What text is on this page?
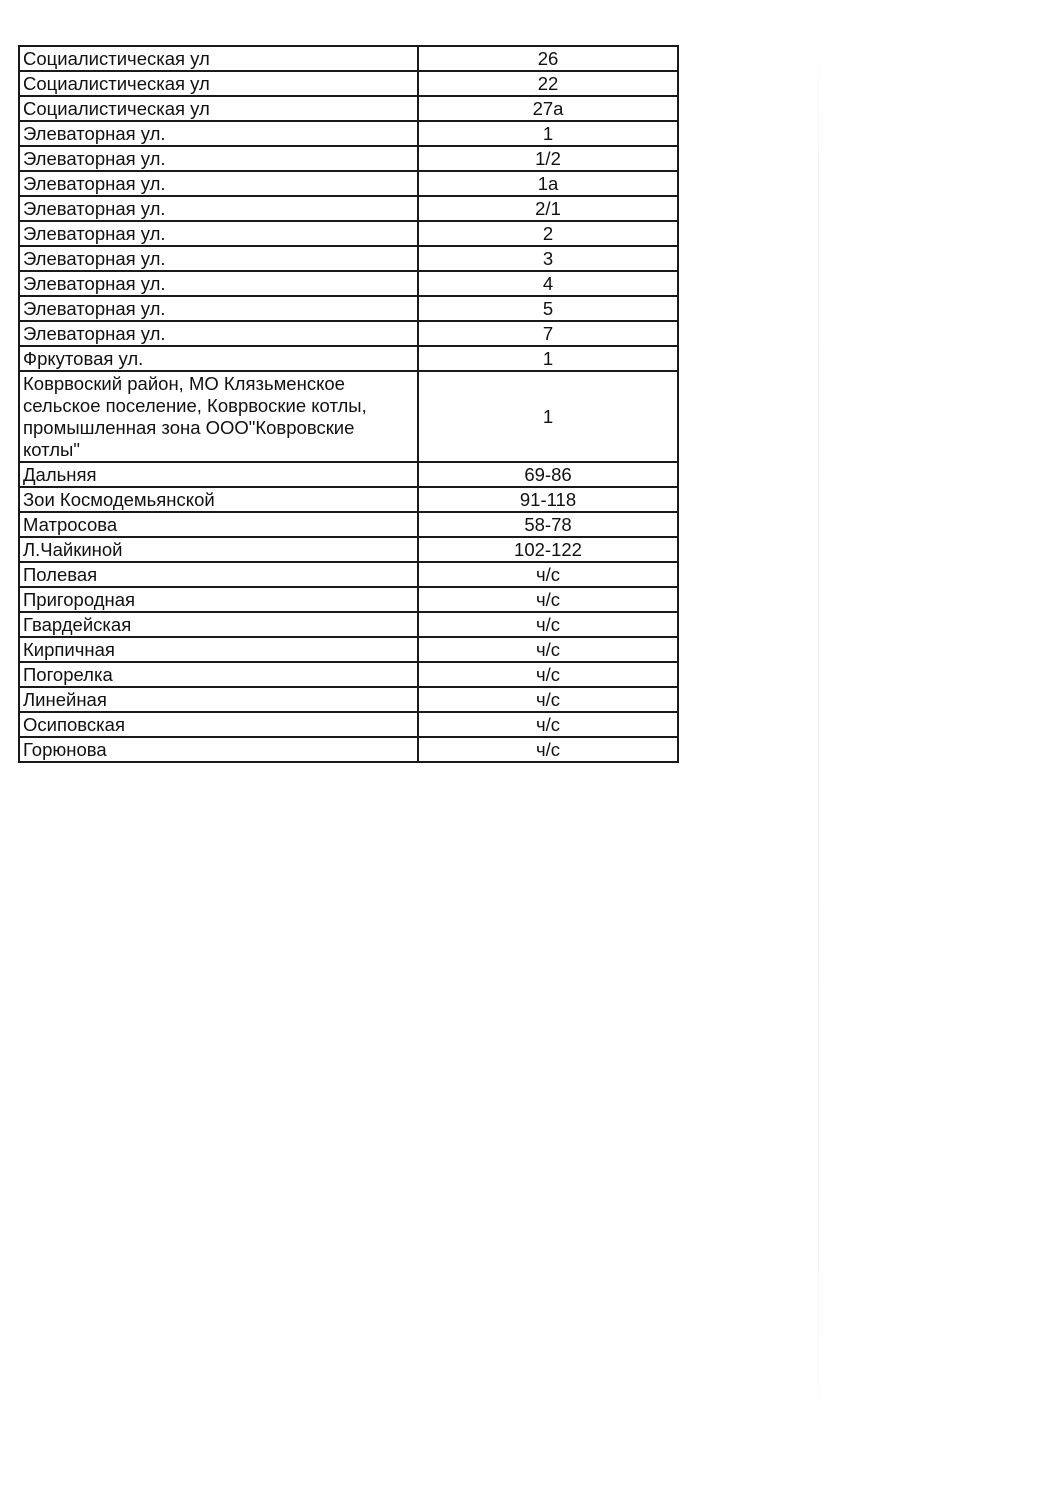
Социалистическая ул	26
Социалистическая ул	22
Социалистическая ул	27а
Элеваторная ул.	1
Элеваторная ул.	1/2
Элеваторная ул.	1а
Элеваторная ул.	2/1
Элеваторная ул.	2
Элеваторная ул.	3
Элеваторная ул.	4
Элеваторная ул.	5
Элеваторная ул.	7
Фркутовая ул.	1
Коврвоский район, МО Клязьменское
сельское поселение, Коврвоские котлы,
промышленная зона ООО"Ковровские
котлы"	1
Дальняя	69-86
Зои Космодемьянской	91-118
Матросова	58-78
Л.Чайкиной	102-122
Полевая	ч/с
Пригородная	ч/с
Гвардейская	ч/с
Кирпичная	ч/с
Погорелка	ч/с
Линейная	ч/с
Осиповская	ч/с
Горюнова	ч/с
